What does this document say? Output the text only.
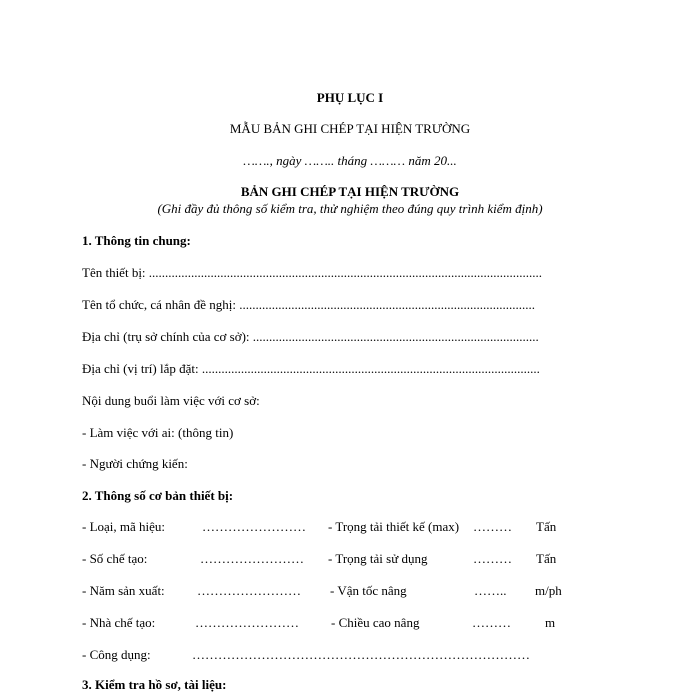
PHỤ LỤC I
MẪU BẢN GHI CHÉP TẠI HIỆN TRƯỜNG
……., ngày …….. tháng ……… năm 20...
BẢN GHI CHÉP TẠI HIỆN TRƯỜNG
(Ghi đầy đủ thông số kiểm tra, thử nghiệm theo đúng quy trình kiểm định)
1. Thông tin chung:
Tên thiết bị: .........................................................................................................................
Tên tổ chức, cá nhân đề nghị: ...........................................................................................
Địa chỉ (trụ sở chính của cơ sở): ........................................................................................
Địa chỉ (vị trí) lắp đặt: ........................................................................................................
Nội dung buổi làm việc với cơ sở:
- Làm việc với ai: (thông tin)
- Người chứng kiến:
2. Thông số cơ bản thiết bị:
- Loại, mã hiệu:	…………………… - Trọng tải thiết kế (max) ……… Tấn
- Số chế tạo:	…………………… - Trọng tải sử dụng	……… Tấn
- Năm sản xuất: …………………… - Vận tốc nâng	…….. m/ph
- Nhà chế tạo:	…………………… - Chiều cao nâng	………	m
- Công dụng:	……………………………………………………………………
3. Kiểm tra hồ sơ, tài liệu:
